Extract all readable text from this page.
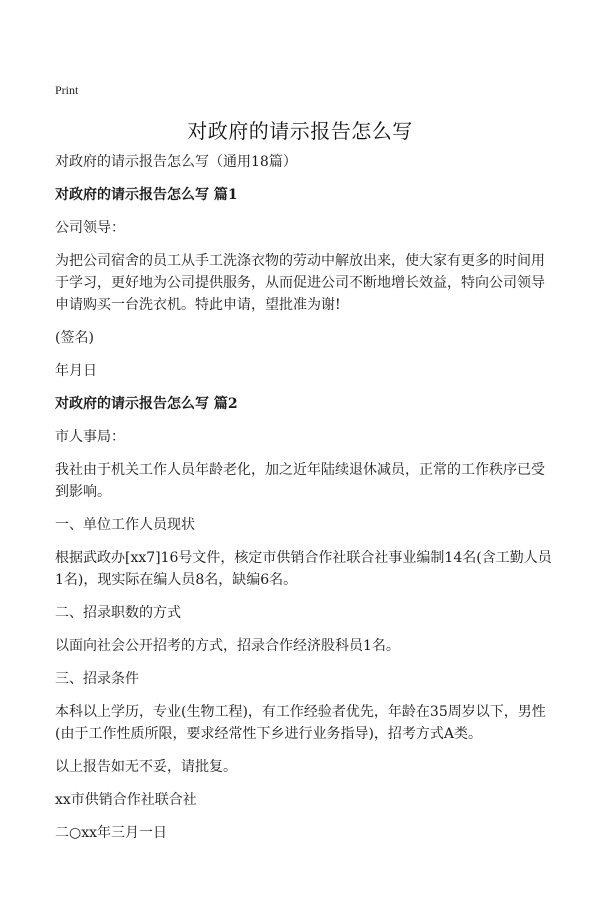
Print
对政府的请示报告怎么写

对政府的请示报告怎么写（通用18篇）

对政府的请示报告怎么写 篇1

公司领导：

为把公司宿舍的员工从手工洗涤衣物的劳动中解放出来，使大家有更多的时间用于学习，更好地为公司提供服务，从而促进公司不断地增长效益，特向公司领导申请购买一台洗衣机。特此申请，望批准为谢!

(签名)

年月日

对政府的请示报告怎么写 篇2

市人事局：

我社由于机关工作人员年龄老化，加之近年陆续退休减员，正常的工作秩序已受到影响。

一、单位工作人员现状

根据武政办[xx7]16号文件，核定市供销合作社联合社事业编制14名(含工勤人员1名)，现实际在编人员8名，缺编6名。

二、招录职数的方式

以面向社会公开招考的方式，招录合作经济股科员1名。

三、招录条件

本科以上学历，专业(生物工程)，有工作经验者优先，年龄在35周岁以下，男性(由于工作性质所限，要求经常性下乡进行业务指导)，招考方式A类。

以上报告如无不妥，请批复。

xx市供销合作社联合社

二○xx年三月一日
